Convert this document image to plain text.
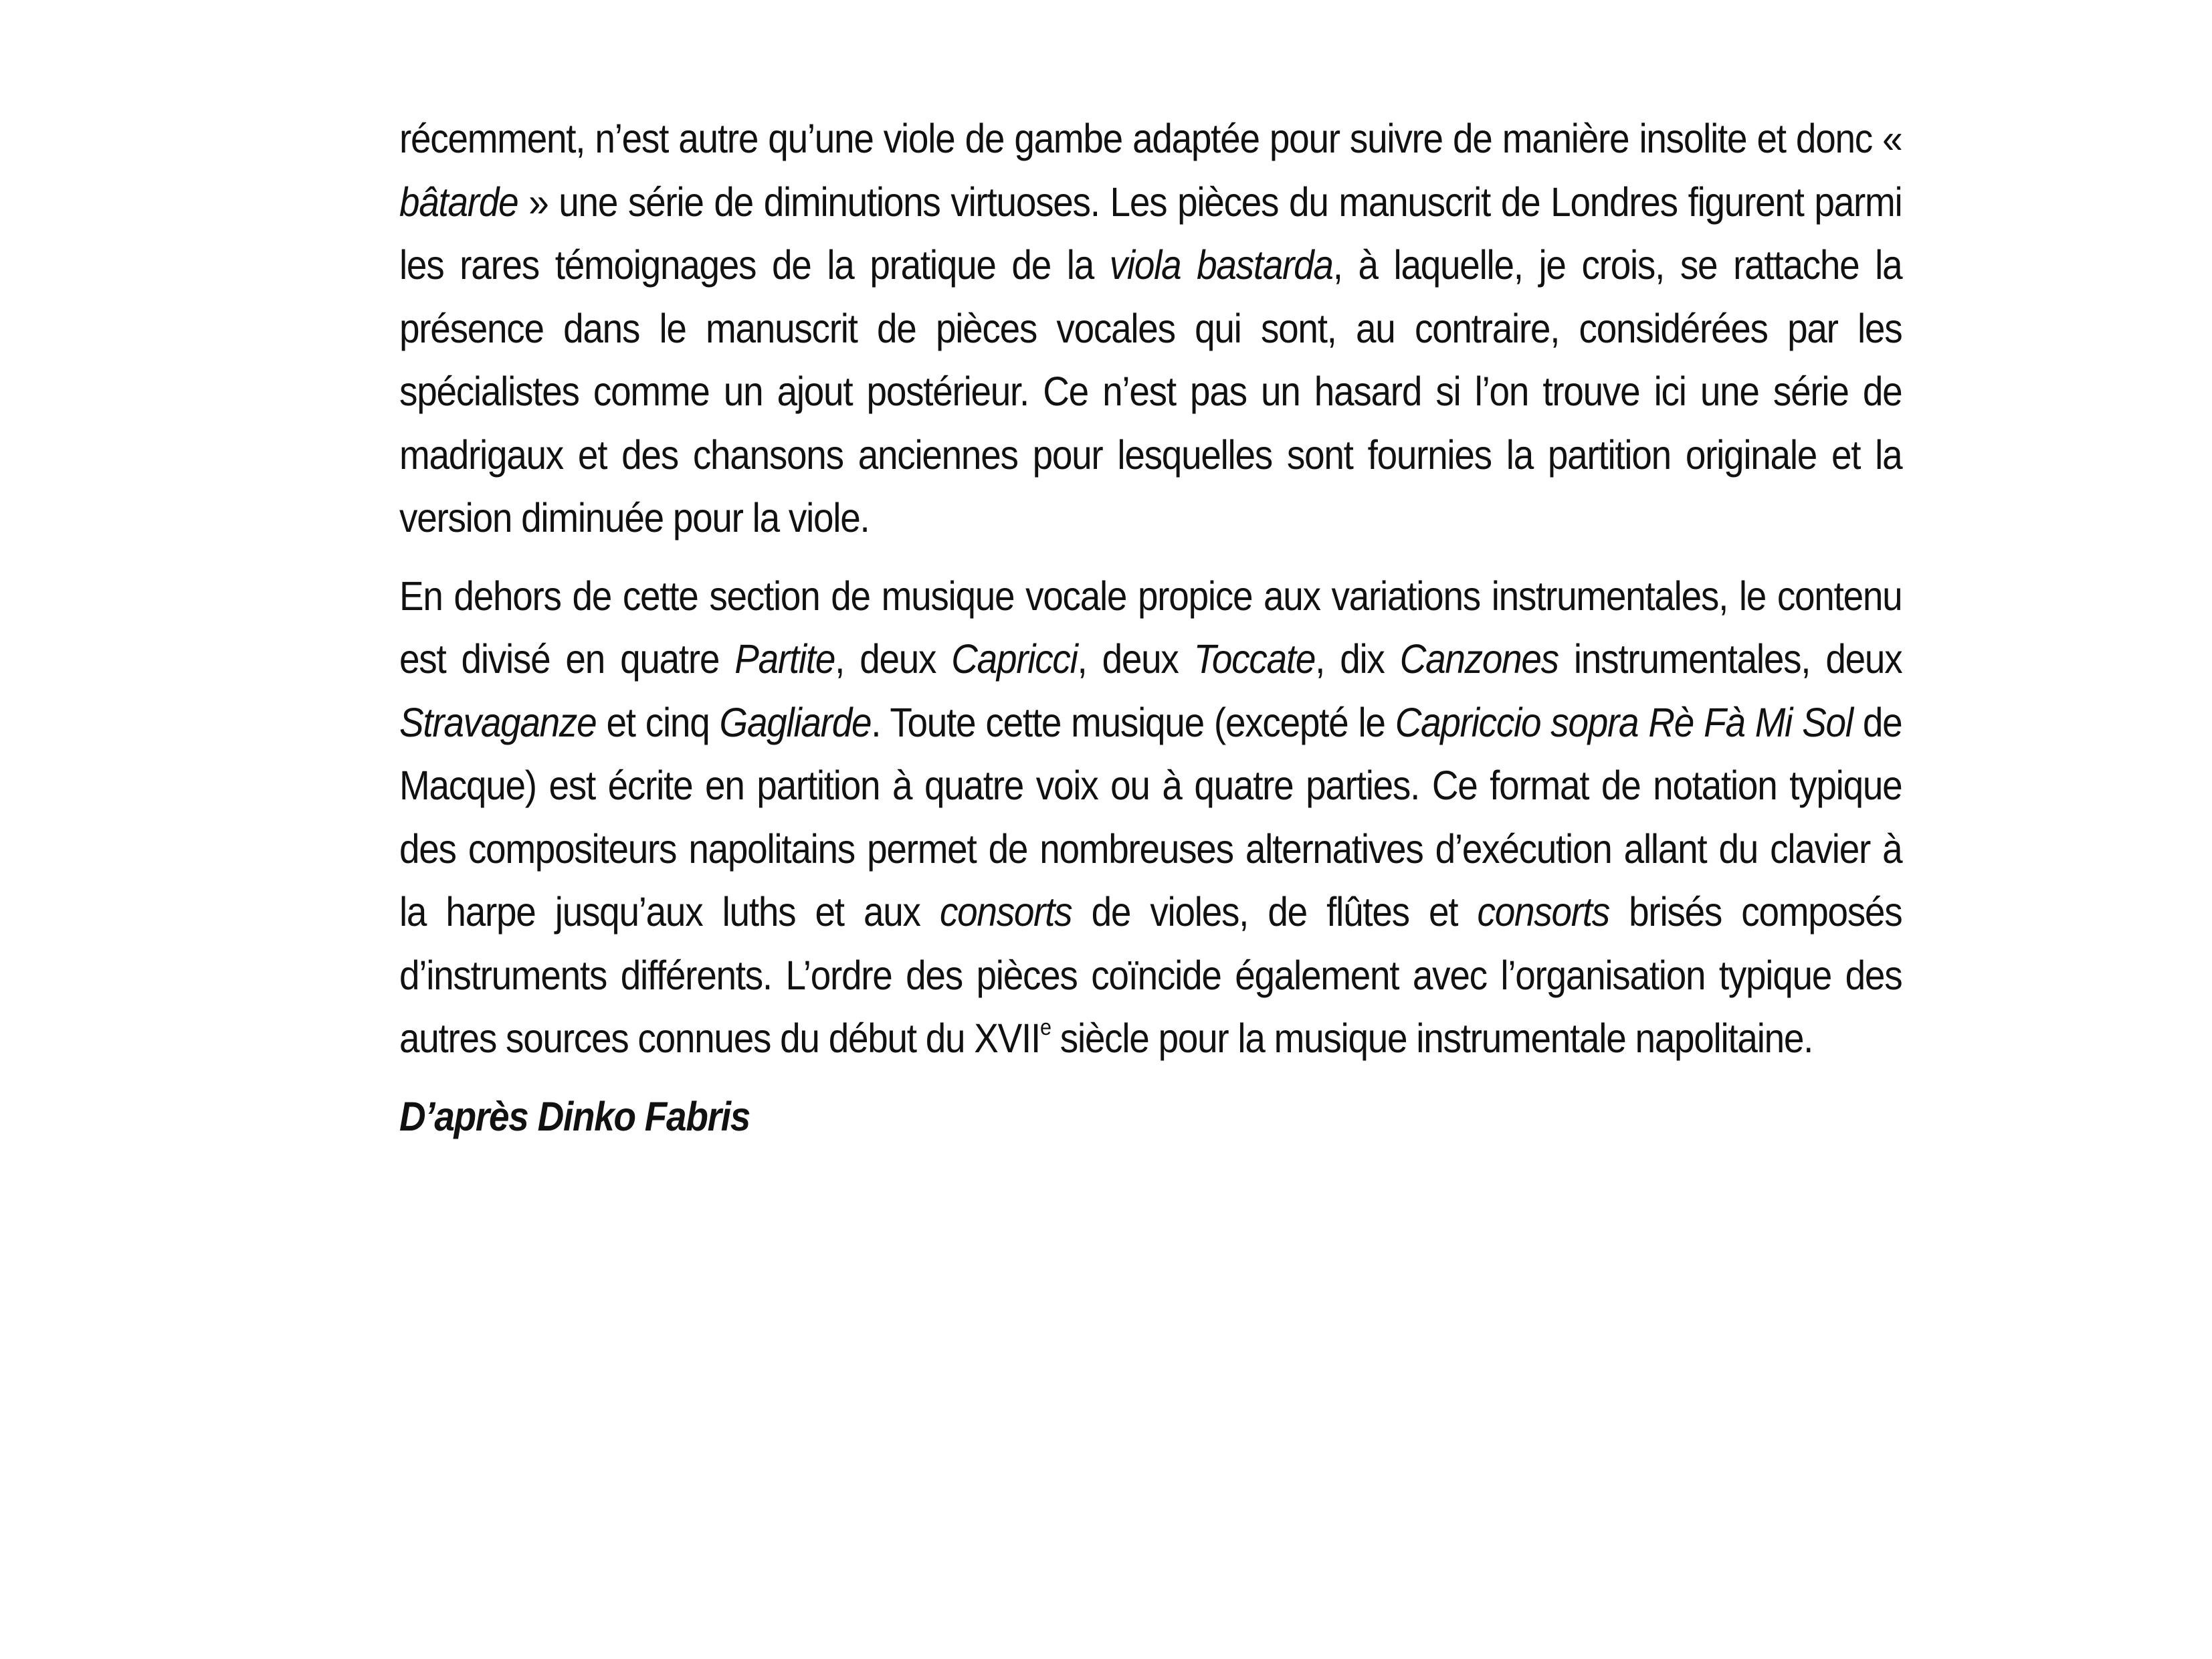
récemment, n’est autre qu’une viole de gambe adaptée pour suivre de manière insolite et donc « bâtarde » une série de diminutions virtuoses. Les pièces du manuscrit de Londres figurent parmi les rares témoignages de la pratique de la viola bastarda, à laquelle, je crois, se rattache la présence dans le manuscrit de pièces vocales qui sont, au contraire, considérées par les spécialistes comme un ajout postérieur. Ce n’est pas un hasard si l’on trouve ici une série de madrigaux et des chansons anciennes pour lesquelles sont fournies la partition originale et la version diminuée pour la viole.

En dehors de cette section de musique vocale propice aux variations instrumentales, le contenu est divisé en quatre Partite, deux Capricci, deux Toccate, dix Canzones instrumentales, deux Stravaganze et cinq Gagliarde. Toute cette musique (excepté le Capriccio sopra Rè Fà Mi Sol de Macque) est écrite en partition à quatre voix ou à quatre parties. Ce format de notation typique des compositeurs napolitains permet de nombreuses alternatives d’exécution allant du clavier à la harpe jusqu’aux luths et aux consorts de violes, de flûtes et consorts brisés composés d’instruments différents. L’ordre des pièces coïncide également avec l’organisation typique des autres sources connues du début du XVIIe siècle pour la musique instrumentale napolitaine.

D’après Dinko Fabris
